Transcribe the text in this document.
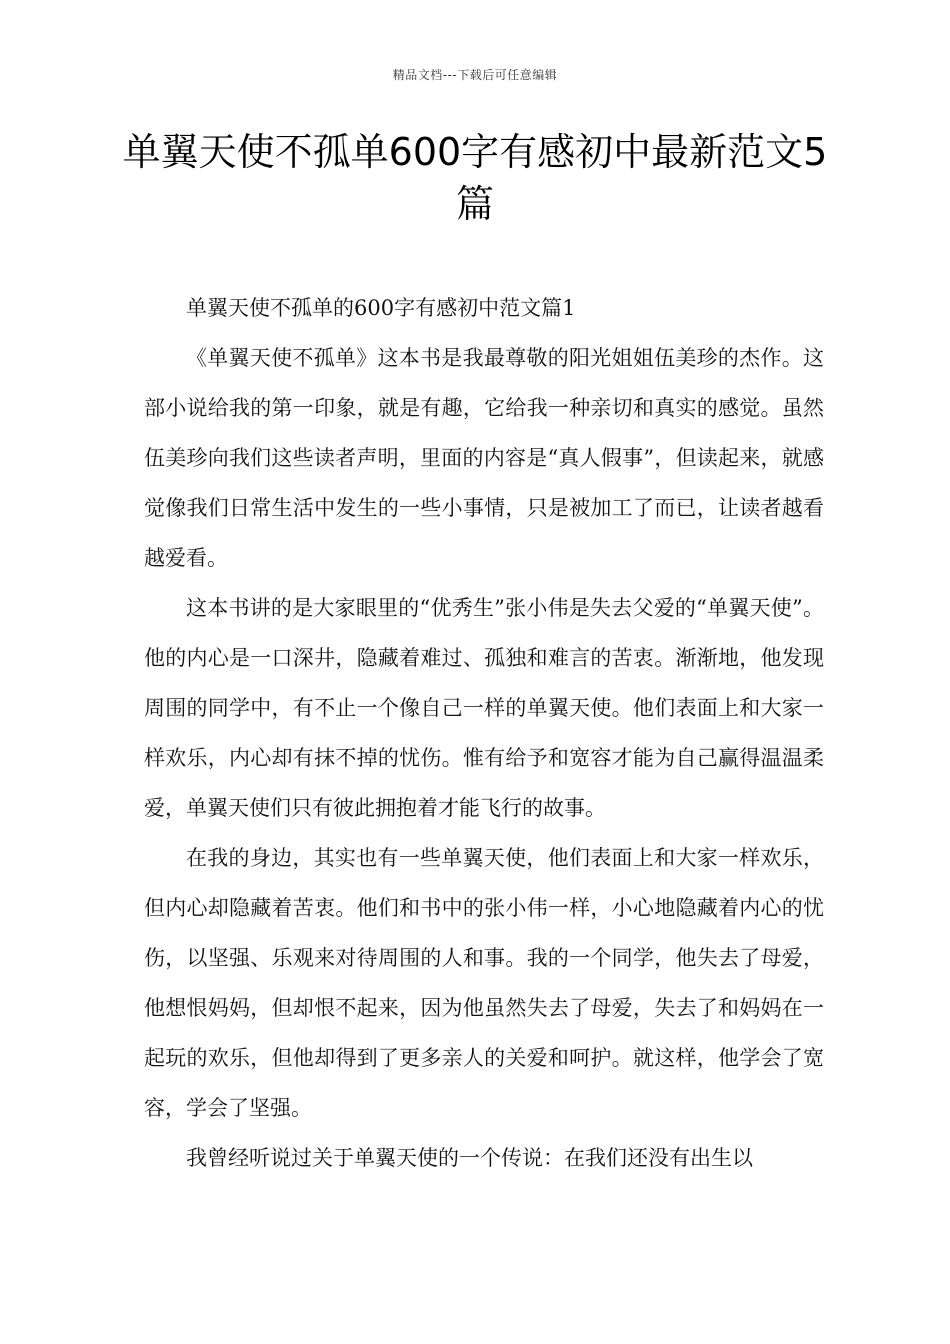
精品文档---下载后可任意编辑
单翼天使不孤单600字有感初中最新范文5篇

单翼天使不孤单的600字有感初中范文篇1

《单翼天使不孤单》这本书是我最尊敬的阳光姐姐伍美珍的杰作。这部小说给我的第一印象，就是有趣，它给我一种亲切和真实的感觉。虽然伍美珍向我们这些读者声明，里面的内容是“真人假事”，但读起来，就感觉像我们日常生活中发生的一些小事情，只是被加工了而已，让读者越看越爱看。

这本书讲的是大家眼里的“优秀生”张小伟是失去父爱的“单翼天使”。他的内心是一口深井，隐藏着难过、孤独和难言的苦衷。渐渐地，他发现周围的同学中，有不止一个像自己一样的单翼天使。他们表面上和大家一样欢乐，内心却有抹不掉的忧伤。惟有给予和宽容才能为自己赢得温温柔爱，单翼天使们只有彼此拥抱着才能飞行的故事。

在我的身边，其实也有一些单翼天使，他们表面上和大家一样欢乐，但内心却隐藏着苦衷。他们和书中的张小伟一样，小心地隐藏着内心的忧伤，以坚强、乐观来对待周围的人和事。我的一个同学，他失去了母爱，他想恨妈妈，但却恨不起来，因为他虽然失去了母爱，失去了和妈妈在一起玩的欢乐，但他却得到了更多亲人的关爱和呵护。就这样，他学会了宽容，学会了坚强。

我曾经听说过关于单翼天使的一个传说：在我们还没有出生以
